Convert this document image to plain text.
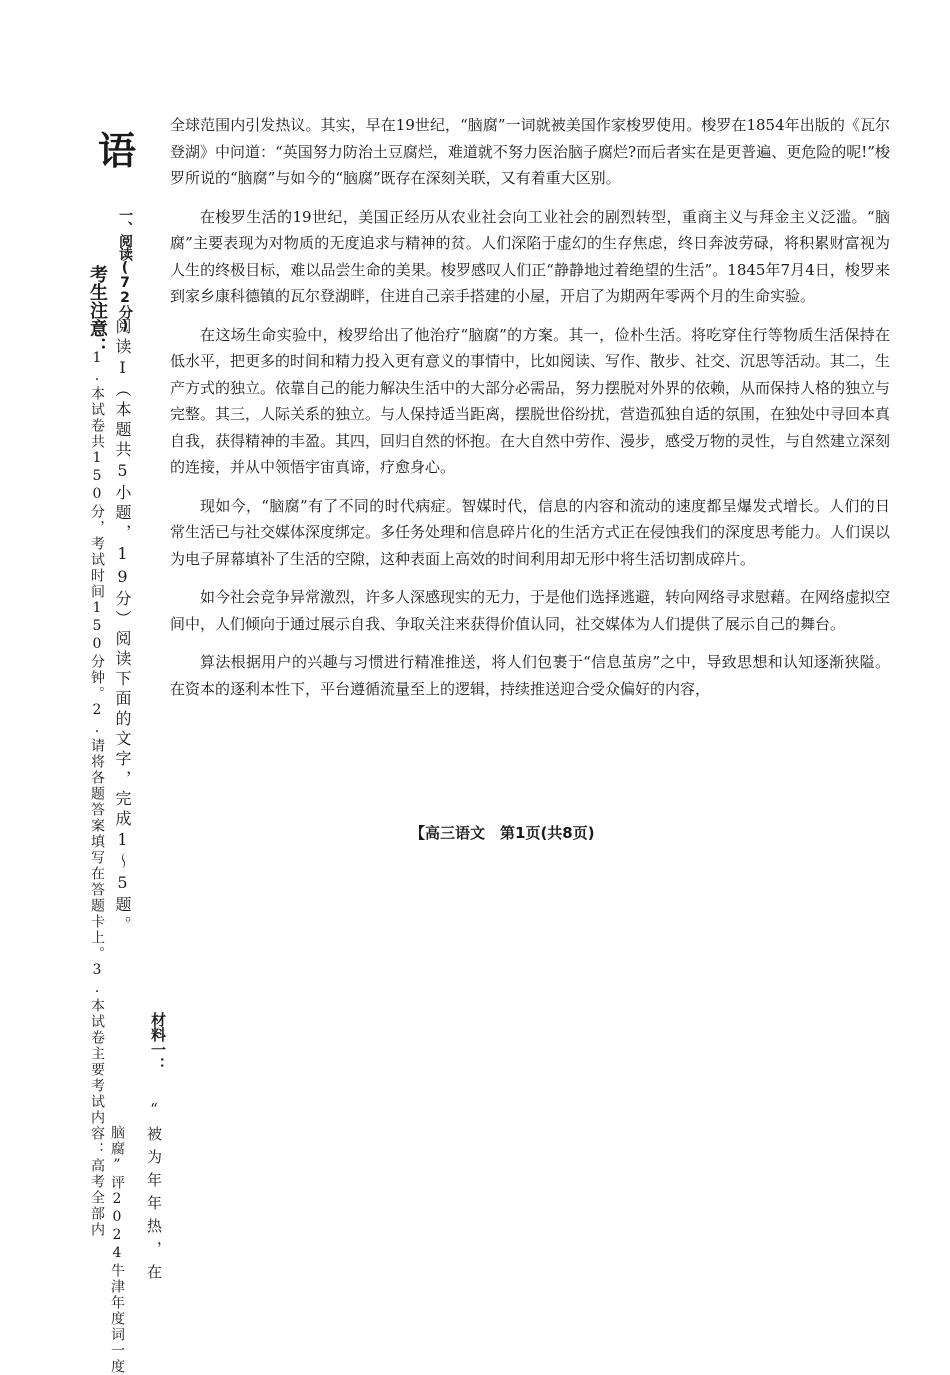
语
一、阅读(72分)
考生注意：
阅读Ⅰ（本题共5小题，19分）阅读下面的文字，完成1～5题。
1.本试卷共150分，考试时间150分钟。2.请将各题答案填写在答题卡上。3.本试卷主要考试内容：高考全部内	材料一：
脑腐”评2024牛津年度词一度 “被为年年热，在

全球范围内引发热议。其实，早在19世纪，“脑腐”一词就被美国作家梭罗使用。梭罗在1854年出版的《瓦尔登湖》中问道：“英国努力防治土豆腐烂，难道就不努力医治脑子腐烂?而后者实在是更普遍、更危险的呢!”梭罗所说的“脑腐”与如今的“脑腐”既存在深刻关联，又有着重大区别。

在梭罗生活的19世纪，美国正经历从农业社会向工业社会的剧烈转型，重商主义与拜金主义泛滥。“脑腐”主要表现为对物质的无度追求与精神的贫。人们深陷于虚幻的生存焦虑，终日奔波劳碌，将积累财富视为人生的终极目标，难以品尝生命的美果。梭罗感叹人们正“静静地过着绝望的生活”。1845年7月4日，梭罗来到家乡康科德镇的瓦尔登湖畔，住进自己亲手搭建的小屋，开启了为期两年零两个月的生命实验。

在这场生命实验中，梭罗给出了他治疗“脑腐”的方案。其一，俭朴生活。将吃穿住行等物质生活保持在低水平，把更多的时间和精力投入更有意义的事情中，比如阅读、写作、散步、社交、沉思等活动。其二，生产方式的独立。依靠自己的能力解决生活中的大部分必需品，努力摆脱对外界的依赖，从而保持人格的独立与完整。其三，人际关系的独立。与人保持适当距离，摆脱世俗纷扰，营造孤独自适的氛围，在独处中寻回本真自我，获得精神的丰盈。其四，回归自然的怀抱。在大自然中劳作、漫步，感受万物的灵性，与自然建立深刻的连接，并从中领悟宇宙真谛，疗愈身心。

现如今，“脑腐”有了不同的时代病症。智媒时代，信息的内容和流动的速度都呈爆发式增长。人们的日常生活已与社交媒体深度绑定。多任务处理和信息碎片化的生活方式正在侵蚀我们的深度思考能力。人们误以为电子屏幕填补了生活的空隙，这种表面上高效的时间利用却无形中将生活切割成碎片。

如今社会竞争异常激烈，许多人深感现实的无力，于是他们选择逃避，转向网络寻求慰藉。在网络虚拟空间中，人们倾向于通过展示自我、争取关注来获得价值认同，社交媒体为人们提供了展示自己的舞台。

算法根据用户的兴趣与习惯进行精准推送，将人们包裹于“信息茧房”之中，导致思想和认知逐渐狭隘。在资本的逐利本性下，平台遵循流量至上的逻辑，持续推送迎合受众偏好的内容，

【高三语文　第1页(共8页)
